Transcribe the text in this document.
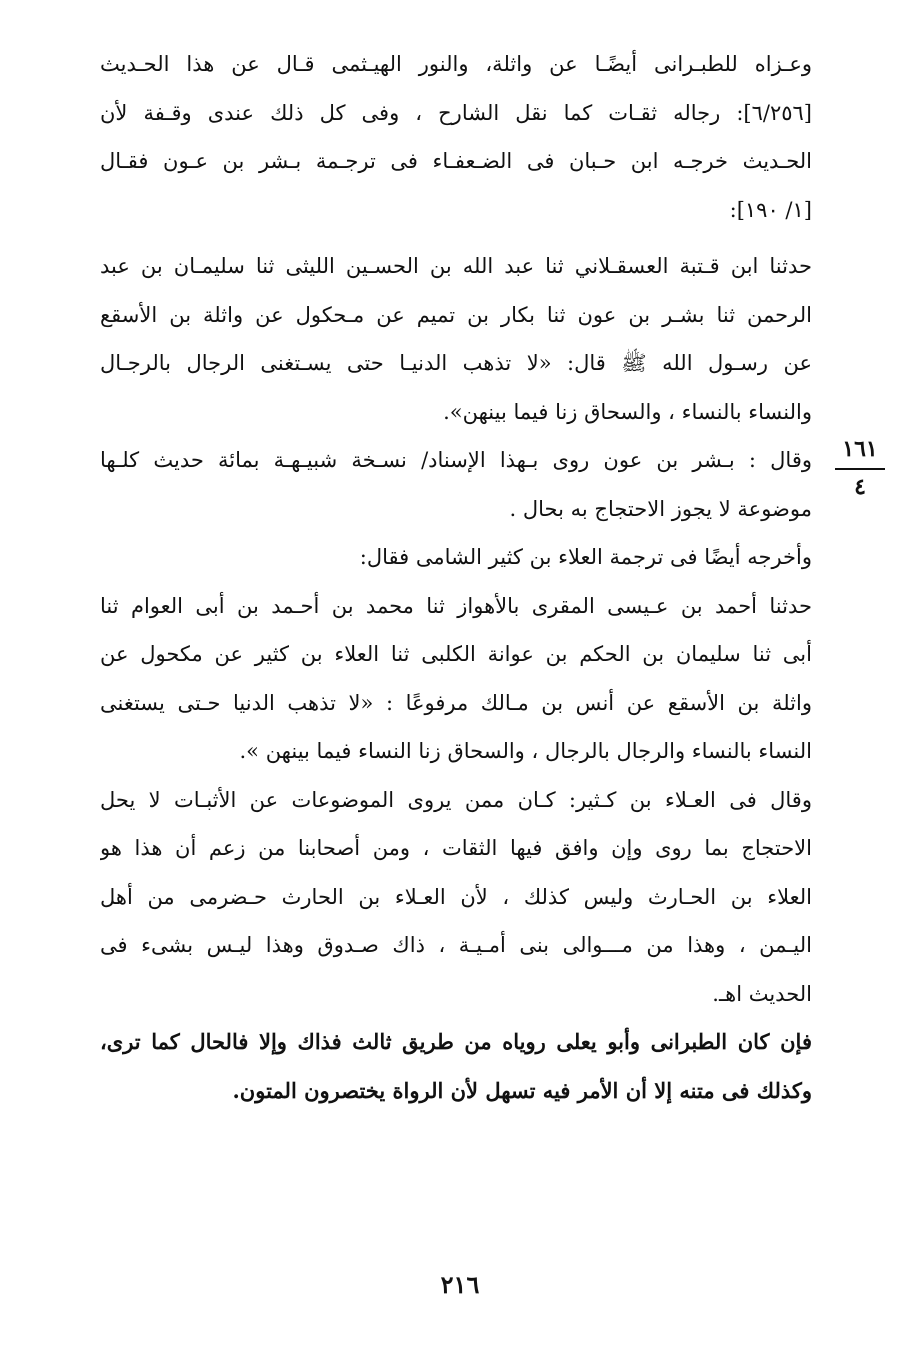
وعـزاه للطبـرانى أيضًـا عن واثلة، والنور الهيـثمى قـال عن هذا الحـديث
[٦/٢٥٦]: رجاله ثقـات كما نقل الشارح ، وفى كل ذلك عندى وقـفة لأن
الحـديث خرجـه ابن حـبان فى الضـعفـاء فى ترجـمة بـشر بن عـون فقـال
[١/ ١٩٠]:
حدثنا ابن قـتبة العسقـلاني ثنا عبد الله بن الحسـين الليثى ثنا سليمـان بن عبد
الرحمن ثنا بشـر بن عون ثنا بكار بن تميم عن مـحكول عن واثلة بن الأسقع
عن رسـول الله ﷺ قال: «لا تذهب الدنيـا حتى يسـتغنى الرجال بالرجـال
والنساء بالنساء ، والسحاق زنا فيما بينهن».
وقال : بـشر بن عون روى بـهذا الإسناد/ نسـخة شبيـهـة بمائة حديث كلـها
موضوعة لا يجوز الاحتجاج به بحال .
وأخرجه أيضًا فى ترجمة العلاء بن كثير الشامى فقال:
حدثنا أحمد بن عـيسى المقرى بالأهواز ثنا محمد بن أحـمد بن أبى العوام ثنا
أبى ثنا سليمان بن الحكم بن عوانة الكلبى ثنا العلاء بن كثير عن مكحول عن
واثلة بن الأسقع عن أنس بن مـالك مرفوعًا : «لا تذهب الدنيا حـتى يستغنى
النساء بالنساء والرجال بالرجال ، والسحاق زنا النساء فيما بينهن ».
وقال فى العـلاء بن كـثير: كـان ممن يروى الموضوعات عن الأثبـات لا يحل
الاحتجاج بما روى وإن وافق فيها الثقات ، ومن أصحابنا من زعم أن هذا هو
العلاء بن الحـارث وليس كذلك ، لأن العـلاء بن الحارث حـضرمى من أهل
اليـمن ، وهذا من مـــوالى بنى أمـيـة ، ذاك صـدوق وهذا ليـس بشىء فى
الحديث اهـ.
فإن كان الطبرانى وأبو يعلى روياه من طريق ثالث فذاك وإلا فالحال كما ترى،
وكذلك فى متنه إلا أن الأمر فيه تسهل لأن الرواة يختصرون المتون.
١٦١
٤
٢١٦
